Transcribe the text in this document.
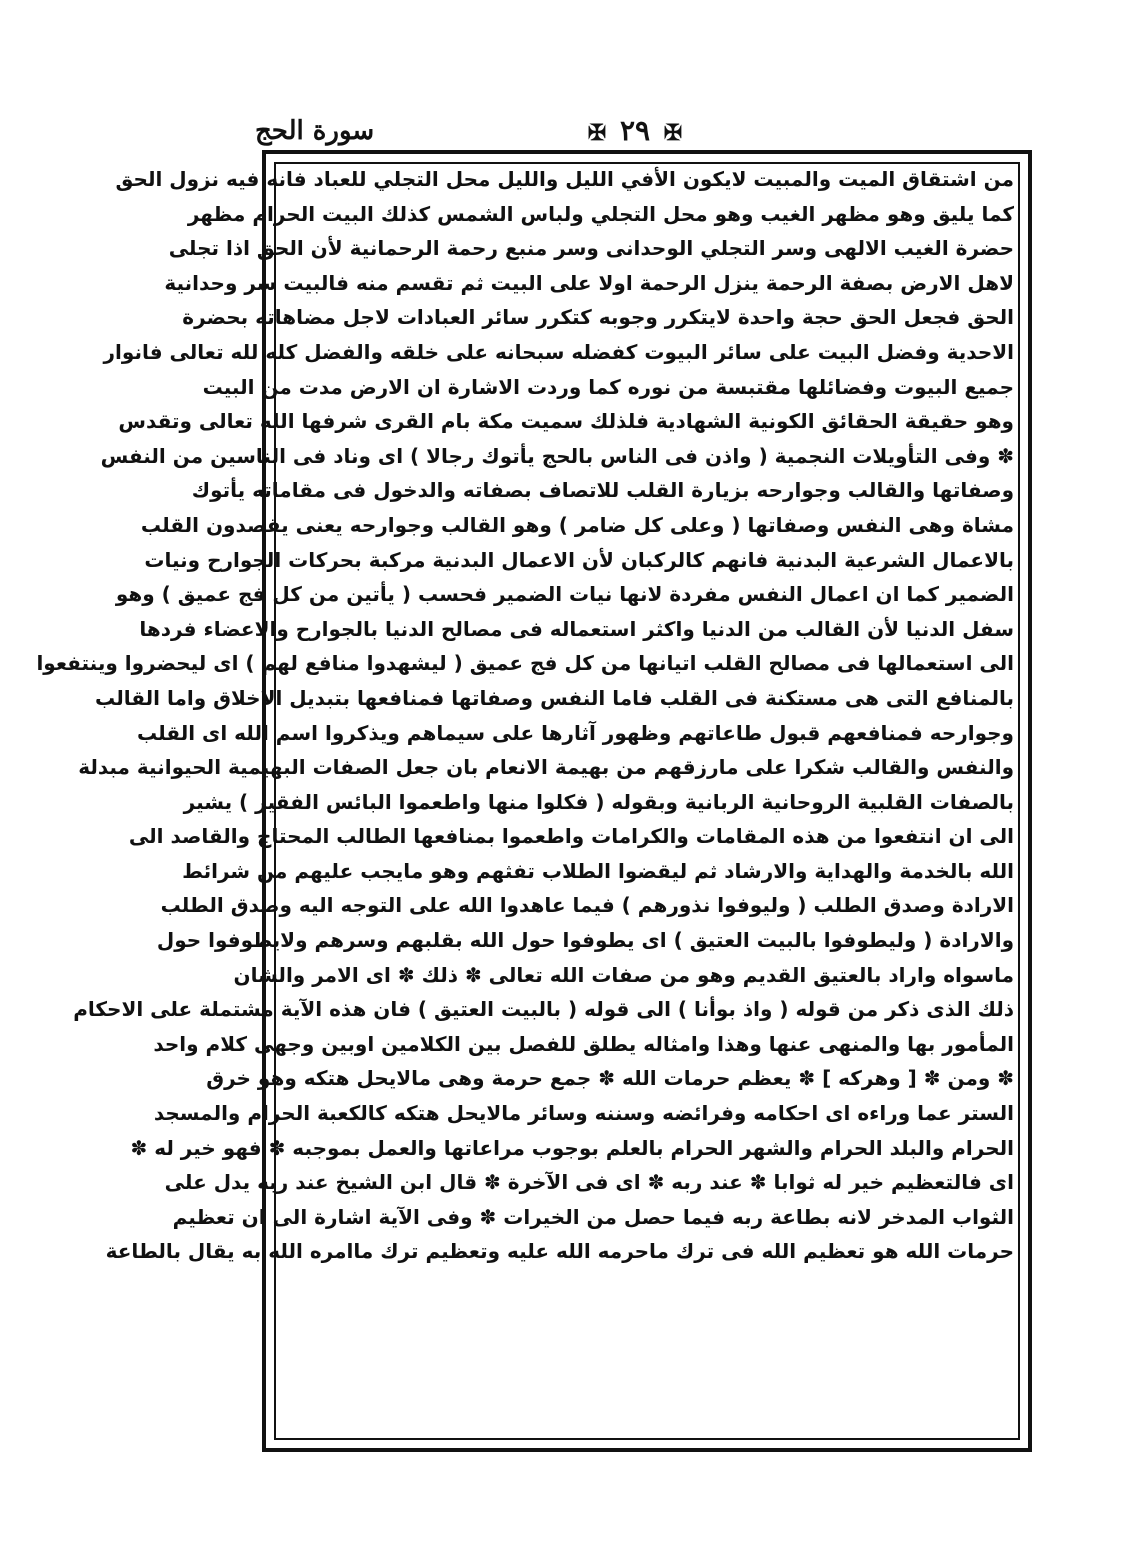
✠ ٢٩ ✠
سورة الحج
من اشتقاق الميت والمبيت لايكون الأفي الليل والليل محل التجلي للعباد فانه فيه نزول الحق
كما يليق وهو مظهر الغيب وهو محل التجلي ولباس الشمس كذلك البيت الحرام مظهر
حضرة الغيب الالهى وسر التجلي الوحدانى وسر منبع رحمة الرحمانية لأن الحق اذا تجلى
لاهل الارض بصفة الرحمة ينزل الرحمة اولا على البيت ثم تقسم منه فالبيت سر وحدانية
الحق فجعل الحق حجة واحدة لايتكرر وجوبه كتكرر سائر العبادات لاجل مضاهاته بحضرة
الاحدية وفضل البيت على سائر البيوت كفضله سبحانه على خلقه والفضل كله لله تعالى فانوار
جميع البيوت وفضائلها مقتبسة من نوره كما وردت الاشارة ان الارض مدت من البيت
وهو حقيقة الحقائق الكونية الشهادية فلذلك سميت مكة بام القرى شرفها الله تعالى وتقدس
✽ وفى التأويلات النجمية ( واذن فى الناس بالحج يأتوك رجالا ) اى وناد فى الناسين من النفس
وصفاتها والقالب وجوارحه بزيارة القلب للاتصاف بصفاته والدخول فى مقاماته يأتوك
مشاة وهى النفس وصفاتها ( وعلى كل ضامر ) وهو القالب وجوارحه يعنى يقصدون القلب
بالاعمال الشرعية البدنية فانهم كالركبان لأن الاعمال البدنية مركبة بحركات الجوارح ونيات
الضمير كما ان اعمال النفس مفردة لانها نيات الضمير فحسب ( يأتين من كل فج عميق ) وهو
سفل الدنيا لأن القالب من الدنيا واكثر استعماله فى مصالح الدنيا بالجوارح والاعضاء فردها
الى استعمالها فى مصالح القلب اتيانها من كل فج عميق ( ليشهدوا منافع لهم ) اى ليحضروا وينتفعوا
بالمنافع التى هى مستكنة فى القلب فاما النفس وصفاتها فمنافعها بتبديل الاخلاق واما القالب
وجوارحه فمنافعهم قبول طاعاتهم وظهور آثارها على سيماهم ويذكروا اسم الله اى القلب
والنفس والقالب شكرا على مارزقهم من بهيمة الانعام بان جعل الصفات البهيمية الحيوانية مبدلة
بالصفات القلبية الروحانية الربانية وبقوله ( فكلوا منها واطعموا البائس الفقير ) يشير
الى ان انتفعوا من هذه المقامات والكرامات واطعموا بمنافعها الطالب المحتاج والقاصد الى
الله بالخدمة والهداية والارشاد ثم ليقضوا الطلاب تفثهم وهو مايجب عليهم من شرائط
الارادة وصدق الطلب ( وليوفوا نذورهم ) فيما عاهدوا الله على التوجه اليه وصدق الطلب
والارادة ( وليطوفوا بالبيت العتيق ) اى يطوفوا حول الله بقلبهم وسرهم ولايطوفوا حول
ماسواه واراد بالعتيق القديم وهو من صفات الله تعالى ✽ ذلك ✽ اى الامر والشان
ذلك الذى ذكر من قوله ( واذ بوأنا ) الى قوله ( بالبيت العتيق ) فان هذه الآية مشتملة على الاحكام
المأمور بها والمنهى عنها وهذا وامثاله يطلق للفصل بين الكلامين اوبين وجهى كلام واحد
✽ ومن ✽ [ وهركه ] ✽ يعظم حرمات الله ✽ جمع حرمة وهى مالايحل هتكه وهو خرق
الستر عما وراءه اى احكامه وفرائضه وسننه وسائر مالايحل هتكه كالكعبة الحرام والمسجد
الحرام والبلد الحرام والشهر الحرام بالعلم بوجوب مراعاتها والعمل بموجبه ✽ فهو خير له ✽
اى فالتعظيم خير له ثوابا ✽ عند ربه ✽ اى فى الآخرة ✽ قال ابن الشيخ عند ربه يدل على
الثواب المدخر لانه بطاعة ربه فيما حصل من الخيرات ✽ وفى الآية اشارة الى ان تعظيم
حرمات الله هو تعظيم الله فى ترك ماحرمه الله عليه وتعظيم ترك ماامره الله به يقال بالطاعة
